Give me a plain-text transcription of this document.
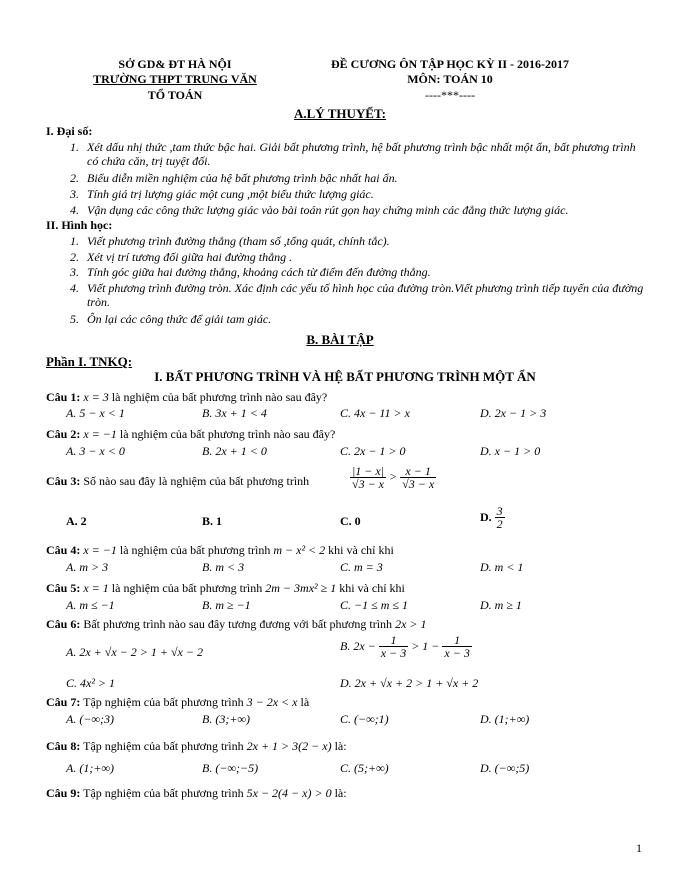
SỞ GD& ĐT HÀ NỘI
TRƯỜNG THPT TRUNG VĂN
TỔ TOÁN
ĐỀ CƯƠNG ÔN TẬP HỌC KỲ II - 2016-2017
MÔN: TOÁN 10
----***----
A.LÝ THUYẾT:
I. Đại số:
1. Xét dấu nhị thức ,tam thức bậc hai. Giải bất phương trình, hệ bất phương trình bậc nhất một ẩn, bất phương trình có chứa căn, trị tuyệt đối.
2. Biểu diễn miền nghiệm của hệ bất phương trình bậc nhất hai ẩn.
3. Tính giá trị lượng giác một cung ,một biểu thức lượng giác.
4. Vận dụng các công thức lượng giác vào bài toán rút gọn hay chứng minh các đẳng thức lượng giác.
II. Hình học:
1. Viết phương trình đường thẳng (tham số ,tổng quát, chính tắc).
2. Xét vị trí tương đối giữa hai đường thẳng .
3. Tính góc giữa hai đường thẳng, khoảng cách từ điểm đến đường thẳng.
4. Viết phương trình đường tròn. Xác định các yếu tố hình học của đường tròn.Viết phương trình tiếp tuyến của đường tròn.
5. Ôn lại các công thức để giải tam giác.
B. BÀI TẬP
Phần I. TNKQ:
I. BẤT PHƯƠNG TRÌNH VÀ HỆ BẤT PHƯƠNG TRÌNH MỘT ẨN
Câu 1: x = 3 là nghiệm của bất phương trình nào sau đây?
A. 5 − x < 1	B. 3x + 1 < 4	C. 4x − 11 > x	D. 2x − 1 > 3
Câu 2: x = −1 là nghiệm của bất phương trình nào sau đây?
A. 3 − x < 0	B. 2x + 1 < 0	C. 2x − 1 > 0	D. x − 1 > 0
Câu 3: Số nào sau đây là nghiệm của bất phương trình	$\frac{|1 - x|}{√3 - x} > \frac{x - 1}{√3 - x}$
A. 2	B. 1	C. 0	D. $\frac{3}{2}$
Câu 4: x = −1 là nghiệm của bất phương trình m − x² < 2 khi và chỉ khi
A. m > 3	B. m < 3	C. m = 3	D. m < 1
Câu 5: x = 1 là nghiệm của bất phương trình 2m − 3mx² ≥ 1 khi và chỉ khi
A. m ≤ −1	B. m ≥ −1	C. −1 ≤ m ≤ 1	D. m ≥ 1
Câu 6: Bất phương trình nào sau đây tương đương với bất phương trình 2x > 1
A. 2x + √x − 2 > 1 + √x − 2	B. $2x - \frac{1}{x - 3} > 1 - \frac{1}{x - 3}$
C. 4x² > 1	D. 2x + √x + 2 > 1 + √x + 2
Câu 7: Tập nghiệm của bất phương trình 3 − 2x < x là
A. (−∞;3)	B. (3;+∞)	C. (−∞;1)	D. (1;+∞)
Câu 8: Tập nghiệm của bất phương trình 2x + 1 > 3(2 − x) là:
A. (1;+∞)	B. (−∞;−5)	C. (5;+∞)	D. (−∞;5)
Câu 9: Tập nghiệm của bất phương trình 5x − 2(4 − x) > 0 là:
1
